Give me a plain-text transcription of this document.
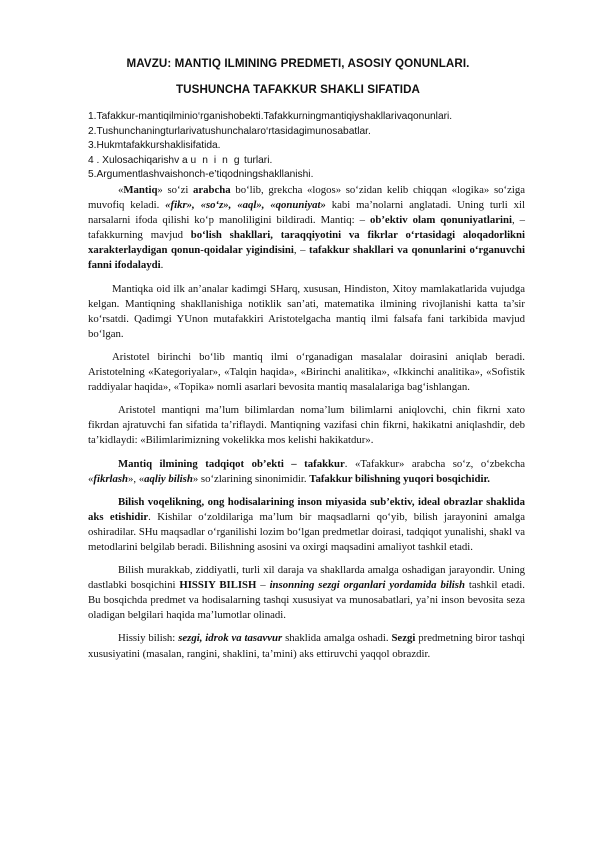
MAVZU: MANTIQ ILMINING PREDMETI, ASOSIY QONUNLARI.
TUSHUNCHA TAFAKKUR SHAKLI SIFATIDA
1.Tafakkur-mantiqilminio‘rganishobekti.Tafakkurningmantiqiyshakllarivaqonunlari.
2.Tushunchaningturlarivatushunchalaro‘rtasidagimunosabatlar.
3.Hukmtafakkurshaklisifatida.
4 . Xulosachiqarishv a u n i n g turlari.
5.Argumentlashvaishonch-e’tiqodningshakllanishi.

«Mantiq» so‘zi arabcha bo‘lib, grekcha «logos» so‘zidan kelib chiqqan «logika» so‘ziga muvofiq keladi. «fikr», «so‘z», «aql», «qonuniyat» kabi ma’nolarni anglatadi. Uning turli xil narsalarni ifoda qilishi ko‘p manoliligini bildiradi. Mantiq: – ob’ektiv olam qonuniyatlarini, – tafakkurning mavjud bo‘lish shakllari, taraqqiyotini va fikrlar o‘rtasidagi aloqadorlikni xarakterlaydigan qonun-qoidalar yigindisini, – tafakkur shakllari va qonunlarini o‘rganuvchi fanni ifodalaydi.

Mantiqka oid ilk an’analar kadimgi SHarq, xususan, Hindiston, Xitoy mamlakatlarida vujudga kelgan. Mantiqning shakllanishiga notiklik san’ati, matematika ilmining rivojlanishi katta ta’sir ko‘rsatdi. Qadimgi YUnon mutafakkiri Aristotelgacha mantiq ilmi falsafa fani tarkibida mavjud bo‘lgan.

Aristotel birinchi bo‘lib mantiq ilmi o‘rganadigan masalalar doirasini aniqlab beradi. Aristotelning «Kategoriyalar», «Talqin haqida», «Birinchi analitika», «Ikkinchi analitika», «Sofistik raddiyalar haqida», «Topika» nomli asarlari bevosita mantiq masalalariga bag‘ishlangan.

Aristotel mantiqni ma’lum bilimlardan noma’lum bilimlarni aniqlovchi, chin fikrni xato fikrdan ajratuvchi fan sifatida ta’riflaydi. Mantiqning vazifasi chin fikrni, hakikatni aniqlashdir, deb ta’kidlaydi: «Bilimlarimizning vokelikka mos kelishi hakikatdur».

Mantiq ilmining tadqiqot ob’ekti – tafakkur. «Tafakkur» arabcha so‘z, o‘zbekcha «fikrlash», «aqliy bilish» so‘zlarining sinonimidir. Tafakkur bilishning yuqori bosqichidir.

Bilish voqelikning, ong hodisalarining inson miyasida sub’ektiv, ideal obrazlar shaklida aks etishidir. Kishilar o‘zoldilariga ma’lum bir maqsadlarni qo‘yib, bilish jarayonini amalga oshiradilar. SHu maqsadlar o‘rganilishi lozim bo‘lgan predmetlar doirasi, tadqiqot yunalishi, shakl va metodlarini belgilab beradi. Bilishning asosini va oxirgi maqsadini amaliyot tashkil etadi.

Bilish murakkab, ziddiyatli, turli xil daraja va shakllarda amalga oshadigan jarayondir. Uning dastlabki bosqichini HISSIY BILISH – insonning sezgi organlari yordamida bilish tashkil etadi. Bu bosqichda predmet va hodisalarning tashqi xususiyat va munosabatlari, ya’ni inson bevosita seza oladigan belgilari haqida ma’lumotlar olinadi.

Hissiy bilish: sezgi, idrok va tasavvur shaklida amalga oshadi. Sezgi predmetning biror tashqi xususiyatini (masalan, rangini, shaklini, ta’mini) aks ettiruvchi yaqqol obrazdir.
